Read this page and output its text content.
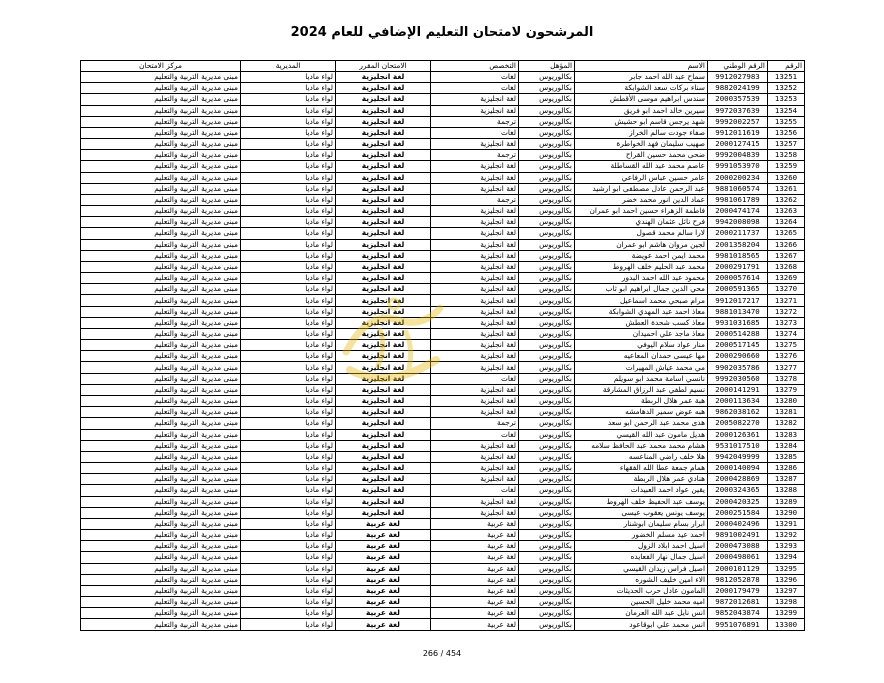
المرشحون لامتحان التعليم الإضافي للعام 2024
الرقم	الرقم الوطني	الاسم	المؤهل	التخصص	الامتحان المقرر	المديرية	مركز الامتحان
13251	9912027983	سماح عبد الله احمد جابر	بكالوريوس	لغات	لغة انجليزية	لواء ماديا	مبنى مديرية التربية والتعليم
13252	9882024199	سناء بركات سعد الشوابكة	بكالوريوس	لغات	لغة انجليزية	لواء ماديا	مبنى مديرية التربية والتعليم
13253	2000357539	سندس ابراهيم موسى الأقطش	بكالوريوس	لغة انجليزية	لغة انجليزية	لواء ماديا	مبنى مديرية التربية والتعليم
13254	9972037639	سيرين خالد احمد ابو فريق	بكالوريوس	لغة انجليزية	لغة انجليزية	لواء ماديا	مبنى مديرية التربية والتعليم
13255	9992002257	شهد يرجس قاسم ابو حشيش	بكالوريوس	ترجمة	لغة انجليزية	لواء ماديا	مبنى مديرية التربية والتعليم
13256	9912011619	صفاء جودت سالم الخراز	بكالوريوس	لغات	لغة انجليزية	لواء ماديا	مبنى مديرية التربية والتعليم
13257	2000127415	صهيب سليمان فهد الخواطرة	بكالوريوس	لغة انجليزية	لغة انجليزية	لواء ماديا	مبنى مديرية التربية والتعليم
13258	9992004839	ضحى محمد حسين القراح	بكالوريوس	ترجمة	لغة انجليزية	لواء ماديا	مبنى مديرية التربية والتعليم
13259	9991053970	عاصم محمد عبد الله القساطلة	بكالوريوس	لغة انجليزية	لغة انجليزية	لواء ماديا	مبنى مديرية التربية والتعليم
13260	2000200234	عامر حسين عباس الرفاعي	بكالوريوس	لغة انجليزية	لغة انجليزية	لواء ماديا	مبنى مديرية التربية والتعليم
13261	9881060574	عبد الرحمن عادل مصطفى ابو ارشيد	بكالوريوس	لغة انجليزية	لغة انجليزية	لواء ماديا	مبنى مديرية التربية والتعليم
13262	9981061789	عماد الدين انور محمد خضر	بكالوريوس	ترجمة	لغة انجليزية	لواء ماديا	مبنى مديرية التربية والتعليم
13263	2000474174	فاطمة الزهراء حسين احمد ابو عمران	بكالوريوس	لغة انجليزية	لغة انجليزية	لواء ماديا	مبنى مديرية التربية والتعليم
13264	9942008098	فرح نائل عثمان الهندي	بكالوريوس	لغة انجليزية	لغة انجليزية	لواء ماديا	مبنى مديرية التربية والتعليم
13265	2000211737	لارا سالم محمد قصول	بكالوريوس	لغة انجليزية	لغة انجليزية	لواء ماديا	مبنى مديرية التربية والتعليم
13266	2001358204	لجين مروان هاشم ابو عمران	بكالوريوس	لغة انجليزية	لغة انجليزية	لواء ماديا	مبنى مديرية التربية والتعليم
13267	9981018565	محمد ايمن احمد عويضة	بكالوريوس	لغة انجليزية	لغة انجليزية	لواء ماديا	مبنى مديرية التربية والتعليم
13268	2000291791	محمد عبد الحليم خلف الهروط	بكالوريوس	لغة انجليزية	لغة انجليزية	لواء ماديا	مبنى مديرية التربية والتعليم
13269	2000057614	محمود عبد الله احمد البدور	بكالوريوس	لغة انجليزية	لغة انجليزية	لواء ماديا	مبنى مديرية التربية والتعليم
13270	2000591365	محي الدين جمال ابراهيم ابو ثاب	بكالوريوس	لغة انجليزية	لغة انجليزية	لواء ماديا	مبنى مديرية التربية والتعليم
13271	9912017217	مرام صبحي محمد اسماعيل	بكالوريوس	لغة انجليزية	لغة انجليزية	لواء ماديا	مبنى مديرية التربية والتعليم
13272	9881013470	معاذ احمد عبد المهدي الشوابكة	بكالوريوس	لغة انجليزية	لغة انجليزية	لواء ماديا	مبنى مديرية التربية والتعليم
13273	9931031685	معاذ كسب شحدة العطش	بكالوريوس	لغة انجليزية	لغة انجليزية	لواء ماديا	مبنى مديرية التربية والتعليم
13274	2000514288	معاذ ماجد علي احميدان	بكالوريوس	لغة انجليزية	لغة انجليزية	لواء ماديا	مبنى مديرية التربية والتعليم
13275	2000517145	منار عواد سلام اليوفي	بكالوريوس	لغة انجليزية	لغة انجليزية	لواء ماديا	مبنى مديرية التربية والتعليم
13276	2000290660	مها عيسى حمدان المعاعيه	بكالوريوس	لغة انجليزية	لغة انجليزية	لواء ماديا	مبنى مديرية التربية والتعليم
13277	9902035786	مي محمد عياش المهيرات	بكالوريوس	لغة انجليزية	لغة انجليزية	لواء ماديا	مبنى مديرية التربية والتعليم
13278	9992030560	نانسي اسامة محمد ابو سويلم	بكالوريوس	لغات	لغة انجليزية	لواء ماديا	مبنى مديرية التربية والتعليم
13279	2000141291	نسيم لطفي عبد الرزاق المشارقة	بكالوريوس	لغة انجليزية	لغة انجليزية	لواء ماديا	مبنى مديرية التربية والتعليم
13280	2000113634	هبة عمر هلال الربطة	بكالوريوس	لغة انجليزية	لغة انجليزية	لواء ماديا	مبنى مديرية التربية والتعليم
13281	9862038162	هبه عوض سمير الدهامشه	بكالوريوس	لغة انجليزية	لغة انجليزية	لواء ماديا	مبنى مديرية التربية والتعليم
13282	2005082270	هدى محمد عبد الرحمن ابو سعد	بكالوريوس	ترجمة	لغة انجليزية	لواء ماديا	مبنى مديرية التربية والتعليم
13283	2000126361	هديل مامون عبد الله القيسي	بكالوريوس	لغات	لغة انجليزية	لواء ماديا	مبنى مديرية التربية والتعليم
13284	9531017510	هشام محمد محمد عبد الحافظ سلامه	بكالوريوس	لغة انجليزية	لغة انجليزية	لواء ماديا	مبنى مديرية التربية والتعليم
13285	9942049999	هلا خلف راضي المناعسه	بكالوريوس	لغة انجليزية	لغة انجليزية	لواء ماديا	مبنى مديرية التربية والتعليم
13286	2000140094	همام جمعة عطا الله الفقهاء	بكالوريوس	لغة انجليزية	لغة انجليزية	لواء ماديا	مبنى مديرية التربية والتعليم
13287	2000428869	هنادي عمر هلال الربطة	بكالوريوس	لغة انجليزية	لغة انجليزية	لواء ماديا	مبنى مديرية التربية والتعليم
13288	2000324365	يقين عواد احمد العبيدات	بكالوريوس	لغات	لغة انجليزية	لواء ماديا	مبنى مديرية التربية والتعليم
13289	2000420325	يوسف عبد الحفيظ خلف الهروط	بكالوريوس	لغة انجليزية	لغة انجليزية	لواء ماديا	مبنى مديرية التربية والتعليم
13290	2000251584	يوسف يونس يعقوب عيسى	بكالوريوس	لغة انجليزية	لغة انجليزية	لواء ماديا	مبنى مديرية التربية والتعليم
13291	2000402496	ابرار بسام سليمان ابوشنار	بكالوريوس	لغة عربية	لغة عربية	لواء ماديا	مبنى مديرية التربية والتعليم
13292	9891002491	احمد عيد مسلم الخضور	بكالوريوس	لغة عربية	لغة عربية	لواء ماديا	مبنى مديرية التربية والتعليم
13293	2000473088	اسيل احمد ابلاد الزول	بكالوريوس	لغة عربية	لغة عربية	لواء ماديا	مبنى مديرية التربية والتعليم
13294	2000498061	اسيل جمال نهار الفعايده	بكالوريوس	لغة عربية	لغة عربية	لواء ماديا	مبنى مديرية التربية والتعليم
13295	2000101129	اصيل فراس زيدان القيسي	بكالوريوس	لغة عربية	لغة عربية	لواء ماديا	مبنى مديرية التربية والتعليم
13296	9812052878	الاء امين خليف الشوره	بكالوريوس	لغة عربية	لغة عربية	لواء ماديا	مبنى مديرية التربية والتعليم
13297	2000179479	المامون عادل حرب الحديثات	بكالوريوس	لغة عربية	لغة عربية	لواء ماديا	مبنى مديرية التربية والتعليم
13298	9872012681	اميه محمد خليل الحسين	بكالوريوس	لغة عربية	لغة عربية	لواء ماديا	مبنى مديرية التربية والتعليم
13299	9852043874	انس نايل عبد الله العرمان	بكالوريوس	لغة عربية	لغة عربية	لواء ماديا	مبنى مديرية التربية والتعليم
13300	9951076891	انس محمد علي ابوقاعود	بكالوريوس	لغة عربية	لغة عربية	لواء ماديا	مبنى مديرية التربية والتعليم
266 / 454
